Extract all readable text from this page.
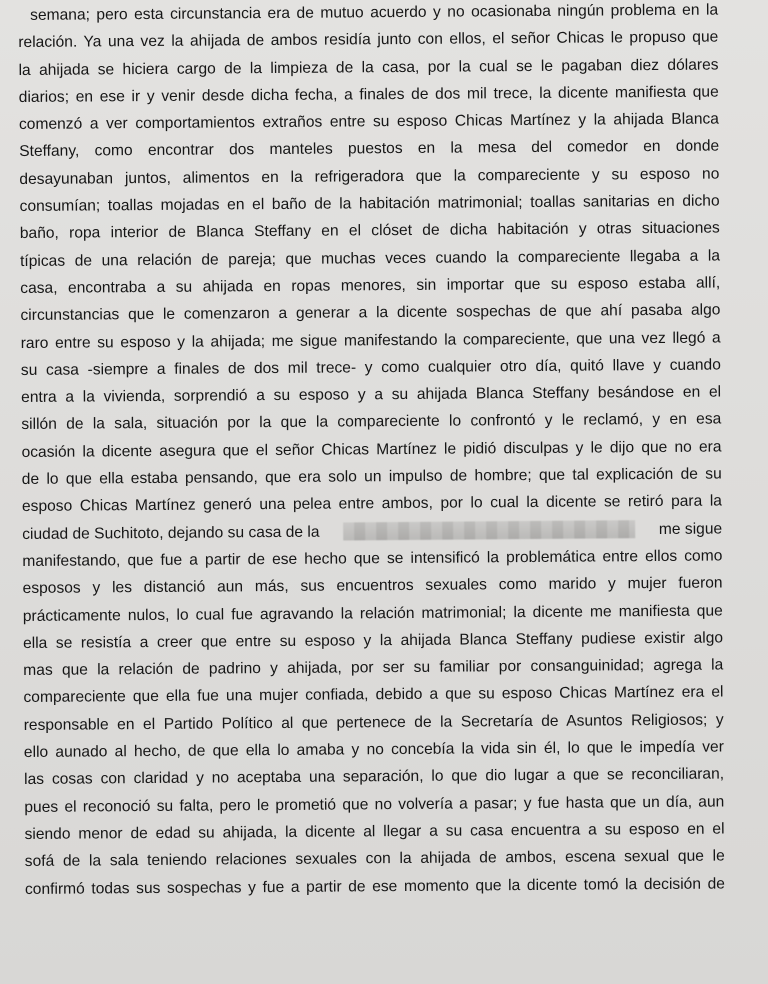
semana; pero esta circunstancia era de mutuo acuerdo y no ocasionaba ningún problema en la
relación. Ya una vez la ahijada de ambos residía junto con ellos, el señor Chicas le propuso que
la ahijada se hiciera cargo de la limpieza de la casa, por la cual se le pagaban diez dólares
diarios; en ese ir y venir desde dicha fecha, a finales de dos mil trece, la dicente manifiesta que
comenzó a ver comportamientos extraños entre su esposo Chicas Martínez y la ahijada Blanca
Steffany, como encontrar dos manteles puestos en la mesa del comedor en donde
desayunaban juntos, alimentos en la refrigeradora que la compareciente y su esposo no
consumían; toallas mojadas en el baño de la habitación matrimonial; toallas sanitarias en dicho
baño, ropa interior de Blanca Steffany en el clóset de dicha habitación y otras situaciones
típicas de una relación de pareja; que muchas veces cuando la compareciente llegaba a la
casa, encontraba a su ahijada en ropas menores, sin importar que su esposo estaba allí,
circunstancias que le comenzaron a generar a la dicente sospechas de que ahí pasaba algo
raro entre su esposo y la ahijada; me sigue manifestando la compareciente, que una vez llegó a
su casa -siempre a finales de dos mil trece- y como cualquier otro día, quitó llave y cuando
entra a la vivienda, sorprendió a su esposo y a su ahijada Blanca Steffany besándose en el
sillón de la sala, situación por la que la compareciente lo confrontó y le reclamó, y en esa
ocasión la dicente asegura que el señor Chicas Martínez le pidió disculpas y le dijo que no era
de lo que ella estaba pensando, que era solo un impulso de hombre; que tal explicación de su
esposo Chicas Martínez generó una pelea entre ambos, por lo cual la dicente se retiró para la
ciudad de Suchitoto, dejando su casa de la	me sigue
manifestando, que fue a partir de ese hecho que se intensificó la problemática entre ellos como
esposos y les distanció aun más, sus encuentros sexuales como marido y mujer fueron
prácticamente nulos, lo cual fue agravando la relación matrimonial; la dicente me manifiesta que
ella se resistía a creer que entre su esposo y la ahijada Blanca Steffany pudiese existir algo
mas que la relación de padrino y ahijada, por ser su familiar por consanguinidad; agrega la
compareciente que ella fue una mujer confiada, debido a que su esposo Chicas Martínez era el
responsable en el Partido Político al que pertenece de la Secretaría de Asuntos Religiosos; y
ello aunado al hecho, de que ella lo amaba y no concebía la vida sin él, lo que le impedía ver
las cosas con claridad y no aceptaba una separación, lo que dio lugar a que se reconciliaran,
pues el reconoció su falta, pero le prometió que no volvería a pasar; y fue hasta que un día, aun
siendo menor de edad su ahijada, la dicente al llegar a su casa encuentra a su esposo en el
sofá de la sala teniendo relaciones sexuales con la ahijada de ambos, escena sexual que le
confirmó todas sus sospechas y fue a partir de ese momento que la dicente tomó la decisión de
